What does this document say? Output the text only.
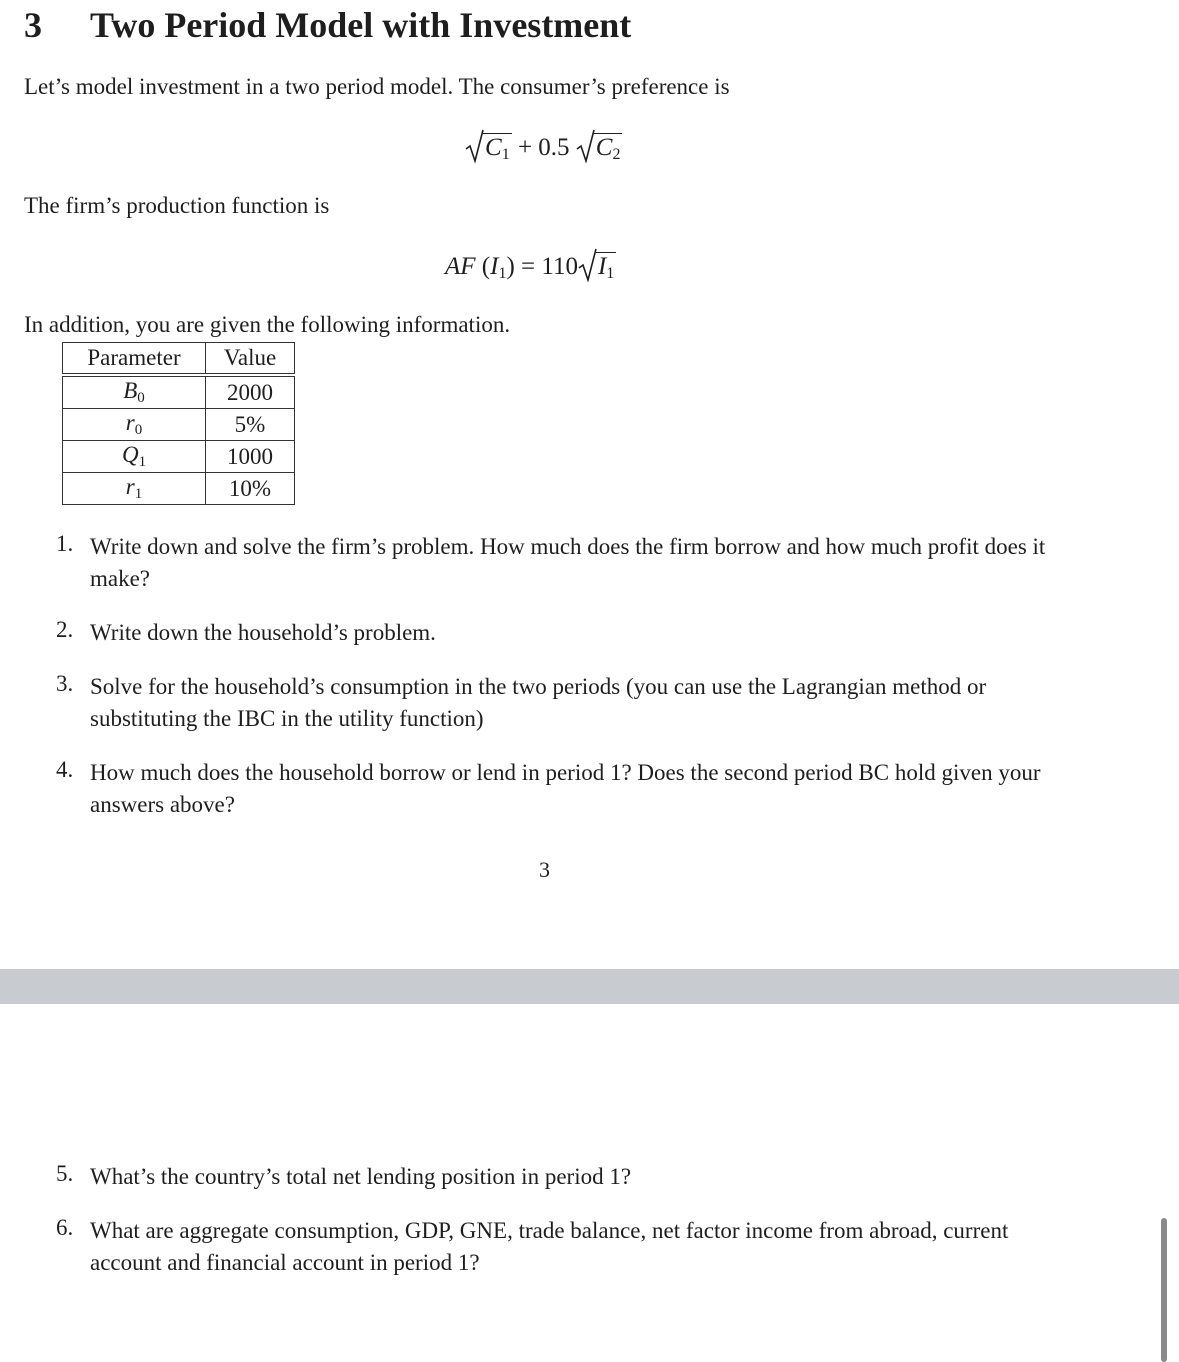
3 Two Period Model with Investment
Let’s model investment in a two period model. The consumer’s preference is
$C_1 + 0.5$ $C_2$
The firm’s production function is
AF $(I_1) = 110$ $I_1$
In addition, you are given the following information.
Parameter	Value
$B_0$	2000
$r_0$	5%
$Q_1$	1000
$r_1$	10%
1. Write down and solve the firm’s problem. How much does the firm borrow and how much profit does it make?
2. Write down the household’s problem.
3. Solve for the household’s consumption in the two periods (you can use the Lagrangian method or substituting the IBC in the utility function)
4. How much does the household borrow or lend in period 1? Does the second period BC hold given your answers above?
3
5. What’s the country’s total net lending position in period 1?
6. What are aggregate consumption, GDP, GNE, trade balance, net factor income from abroad, current account and financial account in period 1?
